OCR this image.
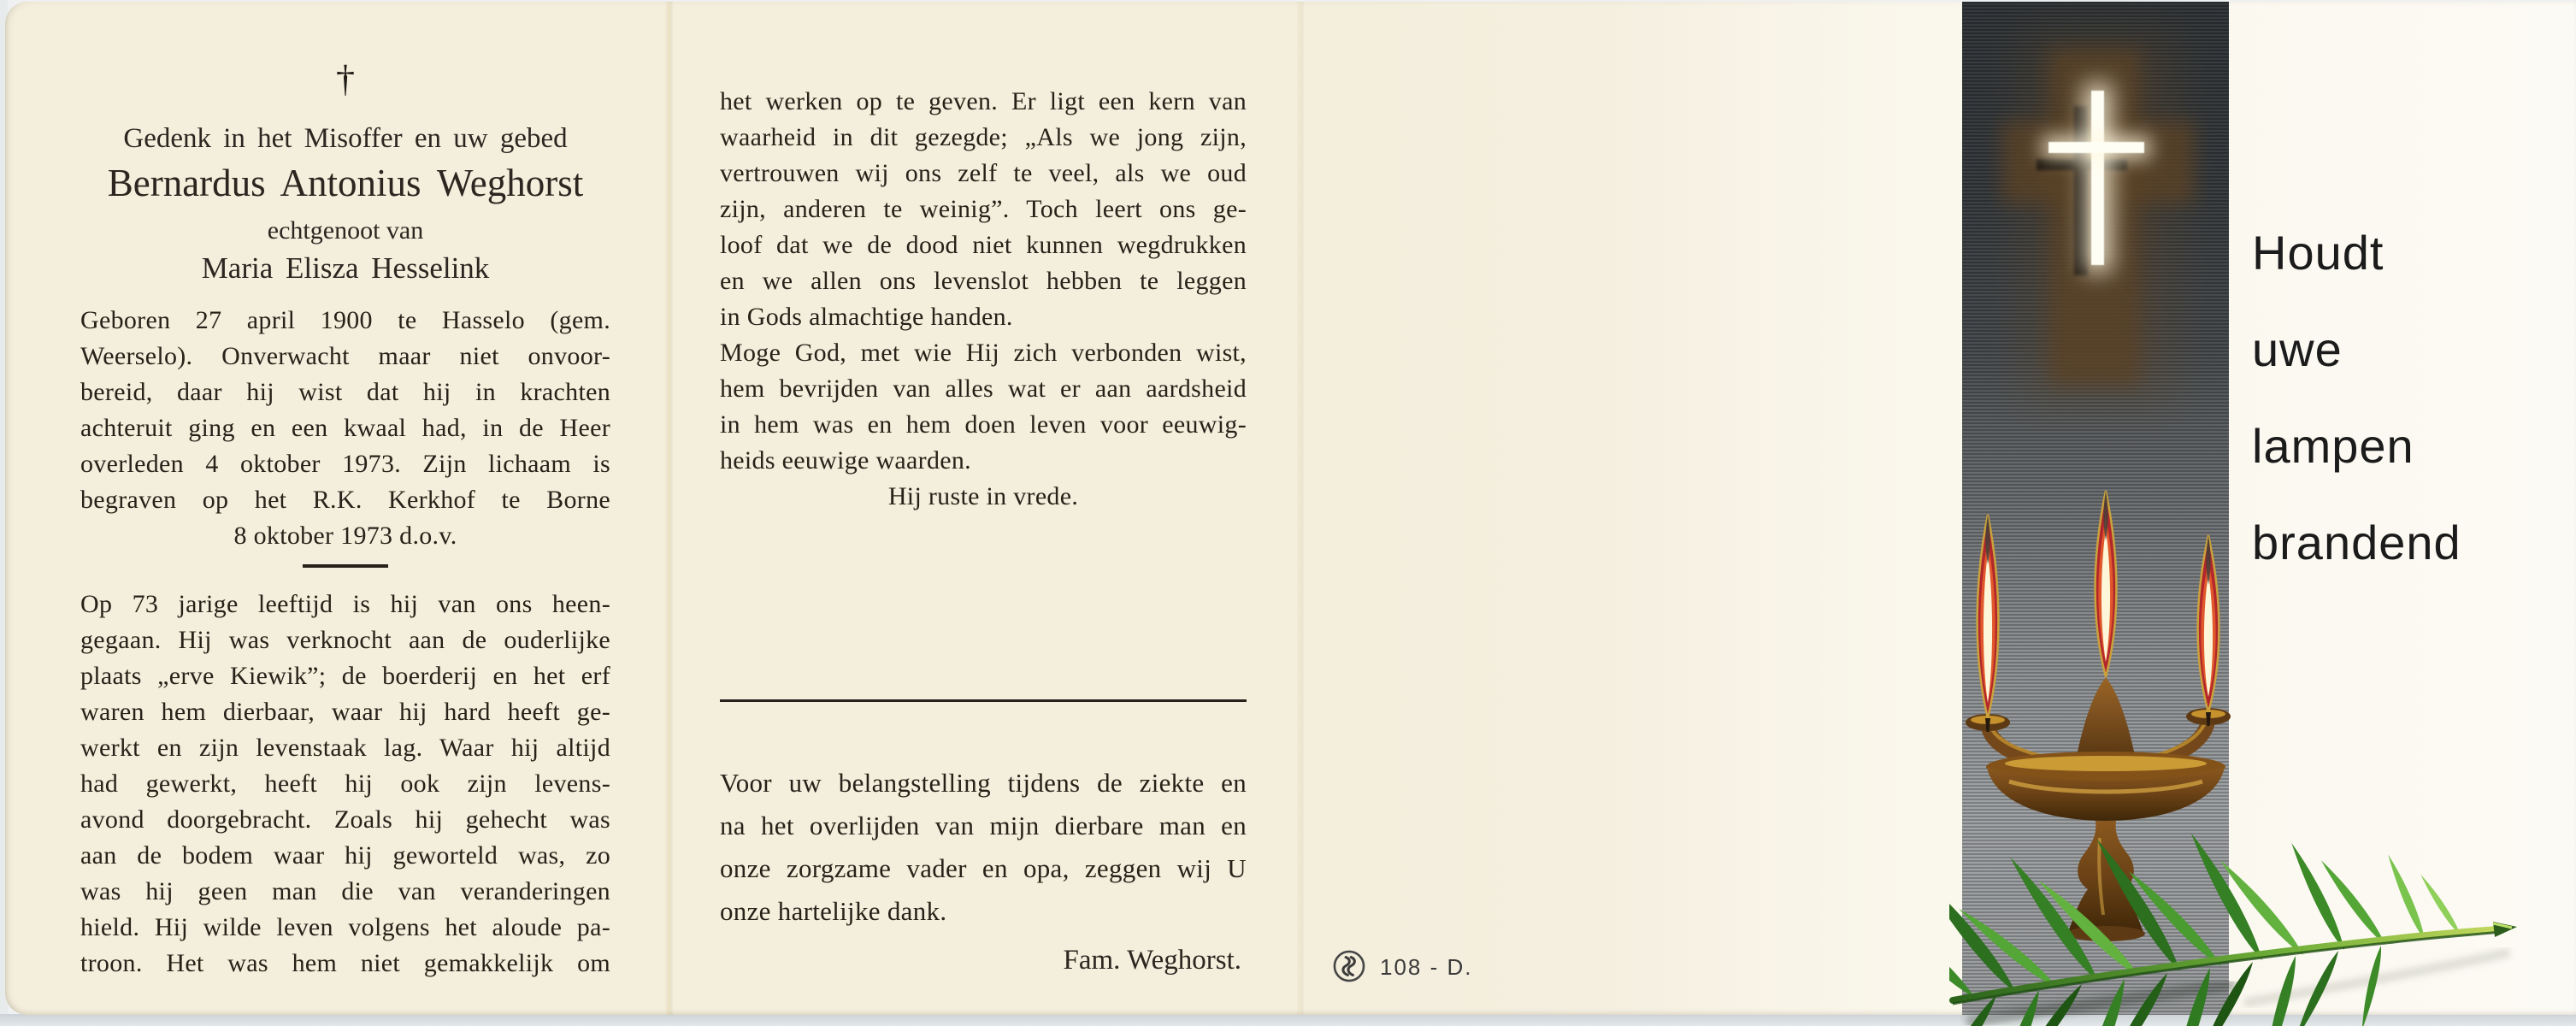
†
Gedenk in het Misoffer en uw gebed
Bernardus Antonius Weghorst
echtgenoot van
Maria Elisza Hesselink
Geboren 27 april 1900 te Hasselo (gem.
Weerselo). Onverwacht maar niet onvoor-
bereid, daar hij wist dat hij in krachten
achteruit ging en een kwaal had, in de Heer
overleden 4 oktober 1973. Zijn lichaam is
begraven op het R.K. Kerkhof te Borne
8 oktober 1973 d.o.v.
Op 73 jarige leeftijd is hij van ons heen-
gegaan. Hij was verknocht aan de ouderlijke
plaats „erve Kiewik”; de boerderij en het erf
waren hem dierbaar, waar hij hard heeft ge-
werkt en zijn levenstaak lag. Waar hij altijd
had gewerkt, heeft hij ook zijn levens-
avond doorgebracht. Zoals hij gehecht was
aan de bodem waar hij geworteld was, zo
was hij geen man die van veranderingen
hield. Hij wilde leven volgens het aloude pa-
troon. Het was hem niet gemakkelijk om
het werken op te geven. Er ligt een kern van
waarheid in dit gezegde; „Als we jong zijn,
vertrouwen wij ons zelf te veel, als we oud
zijn, anderen te weinig”. Toch leert ons ge-
loof dat we de dood niet kunnen wegdrukken
en we allen ons levenslot hebben te leggen
in Gods almachtige handen.
Moge God, met wie Hij zich verbonden wist,
hem bevrijden van alles wat er aan aardsheid
in hem was en hem doen leven voor eeuwig-
heids eeuwige waarden.
Hij ruste in vrede.
Voor uw belangstelling tijdens de ziekte en
na het overlijden van mijn dierbare man en
onze zorgzame vader en opa, zeggen wij U
onze hartelijke dank.
Fam. Weghorst.	108 - D.
Houdt
uwe
lampen
brandend
